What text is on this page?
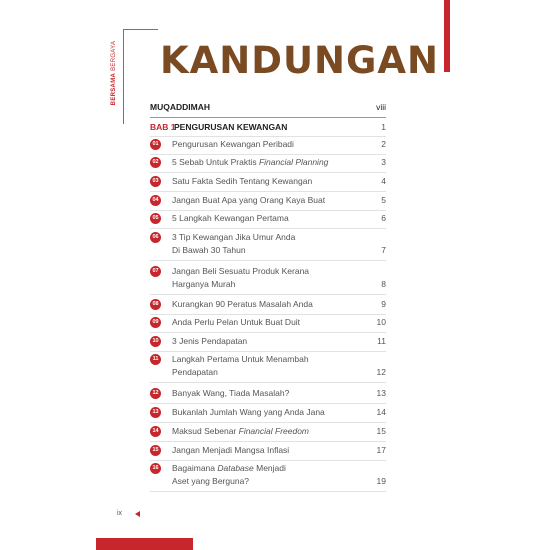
BERSAMA BERGAYA KANDUNGAN
MUQADDIMAH	viii
BAB 1
PENGURUSAN KEWANGAN	1
01 Pengurusan Kewangan Peribadi	2
02 5 Sebab Untuk Praktis Financial Planning	3
03 Satu Fakta Sedih Tentang Kewangan	4
04 Jangan Buat Apa yang Orang Kaya Buat	5
05 5 Langkah Kewangan Pertama	6
06 3 Tip Kewangan Jika Umur Anda
Di Bawah 30 Tahun	7
07 Jangan Beli Sesuatu Produk Kerana
Harganya Murah	8
08 Kurangkan 90 Peratus Masalah Anda	9
09 Anda Perlu Pelan Untuk Buat Duit	10
10 3 Jenis Pendapatan	11
11	Langkah Pertama Untuk Menambah
Pendapatan	12
12 Banyak Wang, Tiada Masalah?	13
13 Bukanlah Jumlah Wang yang Anda Jana	14
14 Maksud Sebenar Financial Freedom	15
15 Jangan Menjadi Mangsa Inflasi	17
16 Bagaimana Database Menjadi
Aset yang Berguna?	19
ix
